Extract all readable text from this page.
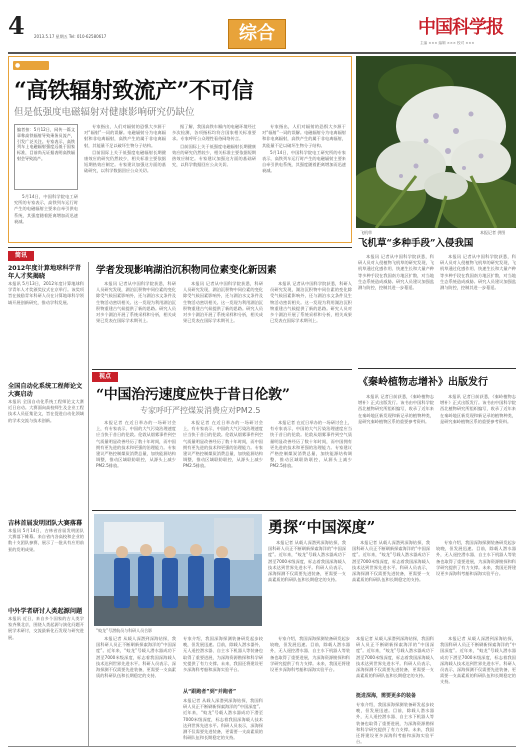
4 2013.5.17 星期五 Tel: 010-62580617	综合	中国科学报
主编 ××× 编辑 ××× 校对 ×××
●
科学释疑
“高铁辐射致流产”不可信
但是低强度电磁辐射对健康影响研究仍缺位
编者按：5月12日，网传一篇文章称高铁辐射导致乘务员流产，引发广泛关注。专家表示，高铁列车上电磁辐射强度远低于国家标准，目前尚无证据表明高铁辐射会导致流产。

5月14日，中国科学院电工研究所的专家表示，高铁列车运行时产生的电磁辐射主要来自牵引供电系统，其强度随着距离增加而迅速衰减。

专家指出，人们对辐射的恐惧大多源于对“辐射”一词的误解。电磁辐射分为电离辐射和非电离辐射，高铁产生的属于非电离辐射，其能量不足以破坏生物分子结构。

目前国际上关于低强度电磁辐射长期健康效应的研究仍然较少，相关标准主要依据短期热效应制定。专家建议加强这方面的基础研究，以科学数据回应公众关切。

据了解，我国高铁车厢内的电磁环境经过多次检测，各项指标均符合国家相关标准要求。专家呼吁公众理性看待网络传言。

目前国际上关于低强度电磁辐射长期健康效应的研究仍然较少，相关标准主要依据短期热效应制定。专家建议加强这方面的基础研究，以科学数据回应公众关切。

专家指出，人们对辐射的恐惧大多源于对“辐射”一词的误解。电磁辐射分为电离辐射和非电离辐射，高铁产生的属于非电离辐射，其能量不足以破坏生物分子结构。

5月14日，中国科学院电工研究所的专家表示，高铁列车运行时产生的电磁辐射主要来自牵引供电系统，其强度随着距离增加而迅速衰减。

飞机草	本报记者 供图
飞机草“多种手段”入侵我国

本报讯 记者从中国科学院获悉，科研人员对入侵植物飞机草的研究发现，飞机草通过化感作用、快速生长和大量产种等多种手段在我国南方地区扩散，对当地生态系统造成威胁。研究人员建议加强监测与防控，控制其进一步蔓延。

本报讯 记者从中国科学院获悉，科研人员对入侵植物飞机草的研究发现，飞机草通过化感作用、快速生长和大量产种等多种手段在我国南方地区扩散，对当地生态系统造成威胁。研究人员建议加强监测与防控，控制其进一步蔓延。

简讯
2012年度计算地球科学青年人才奖揭晓
本报讯 5月13日，2012年度计算地球科学青年人才奖颁奖仪式在京举行。该奖项旨在鼓励青年科研人员在计算地球科学领域开展创新研究，推动学科发展。
全国自动化系统工程师论文大赛启动
本报讯 全国自动化系统工程师论文大赛近日启动。大赛面向高校师生及企业工程技术人员征集论文，旨在促进自动化领域的学术交流与技术创新。
吉林首届发明团队大赛落幕
本报讯 5月14日，吉林省首届发明团队大赛落下帷幕。来自省内各高校和企业的数十支团队参赛，展示了一批具有应用前景的发明成果。
中外学者研讨人类起源问题
本报讯 近日，来自多个国家的古人类学家齐聚北京，围绕人类起源与演化问题开展学术研讨，交流最新化石发现与研究进展。
学者发现影响湖泊沉积物同位素变化新因素

本报讯 记者从中国科学院获悉，科研人员研究发现，湖泊沉积物中同位素的变化除受气候因素影响外，还与湖泊水文条件及生物活动密切相关。这一发现为利用湖泊沉积物重建古气候提供了新的思路。研究人员对多个湖泊开展了系统采样和分析，相关成果已发表在国际学术期刊上。

本报讯 记者从中国科学院获悉，科研人员研究发现，湖泊沉积物中同位素的变化除受气候因素影响外，还与湖泊水文条件及生物活动密切相关。这一发现为利用湖泊沉积物重建古气候提供了新的思路。研究人员对多个湖泊开展了系统采样和分析，相关成果已发表在国际学术期刊上。

本报讯 记者从中国科学院获悉，科研人员研究发现，湖泊沉积物中同位素的变化除受气候因素影响外，还与湖泊水文条件及生物活动密切相关。这一发现为利用湖泊沉积物重建古气候提供了新的思路。研究人员对多个湖泊开展了系统采样和分析，相关成果已发表在国际学术期刊上。

视点
“中国治污速度应快于昔日伦敦”
专家呼吁严控煤炭消费应对PM2.5

本报记者 在近日举办的一场研讨会上，有专家表示，中国的大气污染治理速度应当快于昔日的伦敦。伦敦从烟雾事件到空气质量明显改善经历了数十年时间，而中国拥有更先进的技术和更强的治理能力。专家建议严格控制煤炭消费总量，加快能源结构调整，推动区域联防联控，从源头上减少PM2.5排放。

本报记者 在近日举办的一场研讨会上，有专家表示，中国的大气污染治理速度应当快于昔日的伦敦。伦敦从烟雾事件到空气质量明显改善经历了数十年时间，而中国拥有更先进的技术和更强的治理能力。专家建议严格控制煤炭消费总量，加快能源结构调整，推动区域联防联控，从源头上减少PM2.5排放。

本报记者 在近日举办的一场研讨会上，有专家表示，中国的大气污染治理速度应当快于昔日的伦敦。伦敦从烟雾事件到空气质量明显改善经历了数十年时间，而中国拥有更先进的技术和更强的治理能力。专家建议严格控制煤炭消费总量，加快能源结构调整，推动区域联防联控，从源头上减少PM2.5排放。

《秦岭植物志增补》出版发行

本报讯 记者日前获悉，《秦岭植物志增补》正式出版发行。该书由中国科学院西北植物研究所组织编写，收录了近年来在秦岭地区新发现和新记录的植物种类，是研究秦岭植物区系的重要参考资料。

本报讯 记者日前获悉，《秦岭植物志增补》正式出版发行。该书由中国科学院西北植物研究所组织编写，收录了近年来在秦岭地区新发现和新记录的植物种类，是研究秦岭植物区系的重要参考资料。

“蛟龙”号潜航员与科研人员合影
勇探“中国深度”

本报记者 从载人深潜到深海钻探，我国科研人员正不断刷新探索海洋的“中国深度”。近年来，“蛟龙”号载人潜水器成功下潜至7000米级深度，标志着我国深海载人技术达到世界先进水平。科研人员表示，深海探测不仅需要先进装备，更需要一支高素质的科研队伍和长期稳定的支持。

本报记者 从载人深潜到深海钻探，我国科研人员正不断刷新探索海洋的“中国深度”。近年来，“蛟龙”号载人潜水器成功下潜至7000米级深度，标志着我国深海载人技术达到世界先进水平。科研人员表示，深海探测不仅需要先进装备，更需要一支高素质的科研队伍和长期稳定的支持。

专家介绍，我国深海探测装备研发起步较晚，但发展迅速。目前，除载人潜水器外，无人遥控潜水器、自主水下机器人等装备也取得了重要进展，为深海资源勘探和科学研究提供了有力支撑。未来，我国还将建设更多深海科考船和深海实验平台。

本报记者 从载人深潜到深海钻探，我国科研人员正不断刷新探索海洋的“中国深度”。近年来，“蛟龙”号载人潜水器成功下潜至7000米级深度，标志着我国深海载人技术达到世界先进水平。科研人员表示，深海探测不仅需要先进装备，更需要一支高素质的科研队伍和长期稳定的支持。

专家介绍，我国深海探测装备研发起步较晚，但发展迅速。目前，除载人潜水器外，无人遥控潜水器、自主水下机器人等装备也取得了重要进展，为深海资源勘探和科学研究提供了有力支撑。未来，我国还将建设更多深海科考船和深海实验平台。
从“跟跑者”到“并跑者”
本报记者 从载人深潜到深海钻探，我国科研人员正不断刷新探索海洋的“中国深度”。近年来，“蛟龙”号载人潜水器成功下潜至7000米级深度，标志着我国深海载人技术达到世界先进水平。科研人员表示，深海探测不仅需要先进装备，更需要一支高素质的科研队伍和长期稳定的支持。

专家介绍，我国深海探测装备研发起步较晚，但发展迅速。目前，除载人潜水器外，无人遥控潜水器、自主水下机器人等装备也取得了重要进展，为深海资源勘探和科学研究提供了有力支撑。未来，我国还将建设更多深海科考船和深海实验平台。

本报记者 从载人深潜到深海钻探，我国科研人员正不断刷新探索海洋的“中国深度”。近年来，“蛟龙”号载人潜水器成功下潜至7000米级深度，标志着我国深海载人技术达到世界先进水平。科研人员表示，深海探测不仅需要先进装备，更需要一支高素质的科研队伍和长期稳定的支持。
挺进深海，需要更多的装备
专家介绍，我国深海探测装备研发起步较晚，但发展迅速。目前，除载人潜水器外，无人遥控潜水器、自主水下机器人等装备也取得了重要进展，为深海资源勘探和科学研究提供了有力支撑。未来，我国还将建设更多深海科考船和深海实验平台。

本报记者 从载人深潜到深海钻探，我国科研人员正不断刷新探索海洋的“中国深度”。近年来，“蛟龙”号载人潜水器成功下潜至7000米级深度，标志着我国深海载人技术达到世界先进水平。科研人员表示，深海探测不仅需要先进装备，更需要一支高素质的科研队伍和长期稳定的支持。
